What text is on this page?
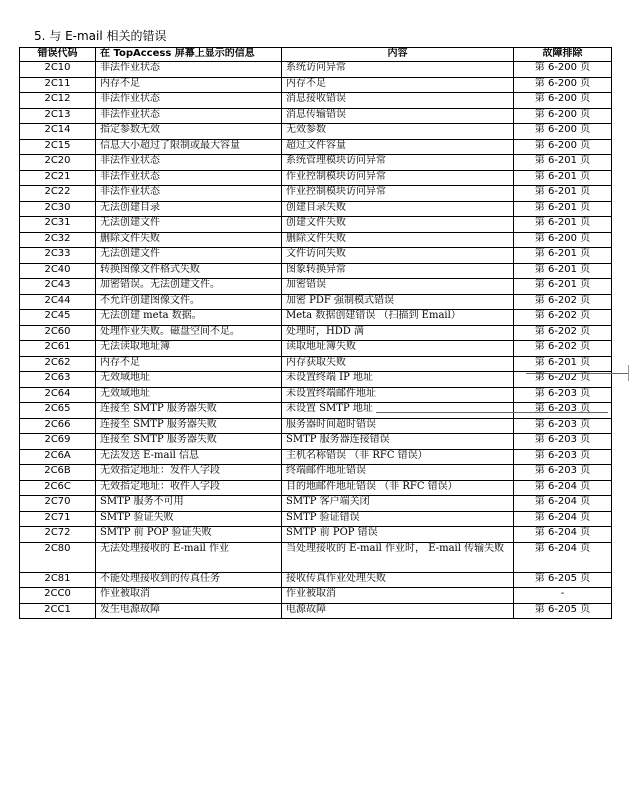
5. 与 E-mail 相关的错误
错误代码	在 TopAccess 屏幕上显示的信息	内容	故障排除
2C10	非法作业状态	系统访问异常	第 6-200 页
2C11	内存不足	内存不足	第 6-200 页
2C12	非法作业状态	消息接收错误	第 6-200 页
2C13	非法作业状态	消息传输错误	第 6-200 页
2C14	指定参数无效	无效参数	第 6-200 页
2C15	信息大小超过了限制或最大容量	超过文件容量	第 6-200 页
2C20	非法作业状态	系统管理模块访问异常	第 6-201 页
2C21	非法作业状态	作业控制模块访问异常	第 6-201 页
2C22	非法作业状态	作业控制模块访问异常	第 6-201 页
2C30	无法创建目录	创建目录失败	第 6-201 页
2C31	无法创建文件	创建文件失败	第 6-201 页
2C32	删除文件失败	删除文件失败	第 6-200 页
2C33	无法创建文件	文件访问失败	第 6-201 页
2C40	转换图像文件格式失败	图象转换异常	第 6-201 页
2C43	加密错误。无法创建文件。	加密错误	第 6-201 页
2C44	不允许创建图像文件。	加密 PDF 强制模式错误	第 6-202 页
2C45	无法创建 meta 数据。	Meta 数据创建错误 （扫描到 Email）	第 6-202 页
2C60	处理作业失败。磁盘空间不足。	处理时，HDD 满	第 6-202 页
2C61	无法读取地址簿	读取地址簿失败	第 6-202 页
2C62	内存不足	内存获取失败	第 6-201 页
2C63	无效域地址	未设置终端 IP 地址	第 6-202 页
2C64	无效域地址	未设置终端邮件地址	第 6-203 页
2C65	连接至 SMTP 服务器失败	未设置 SMTP 地址	第 6-203 页
2C66	连接至 SMTP 服务器失败	服务器时间超时错误	第 6-203 页
2C69	连接至 SMTP 服务器失败	SMTP 服务器连接错误	第 6-203 页
2C6A	无法发送 E-mail 信息	主机名称错误 （非 RFC 错误）	第 6-203 页
2C6B	无效指定地址：发件人字段	终端邮件地址错误	第 6-203 页
2C6C	无效指定地址：收件人字段	目的地邮件地址错误 （非 RFC 错误）	第 6-204 页
2C70	SMTP 服务不可用	SMTP 客户端关闭	第 6-204 页
2C71	SMTP 验证失败	SMTP 验证错误	第 6-204 页
2C72	SMTP 前 POP 验证失败	SMTP 前 POP 错误	第 6-204 页
2C80	无法处理接收的 E-mail 作业	当处理接收的 E-mail 作业时， E-mail 传输失败	第 6-204 页
2C81	不能处理接收到的传真任务	接收传真作业处理失败	第 6-205 页
2CC0	作业被取消	作业被取消	-
2CC1	发生电源故障	电源故障	第 6-205 页
